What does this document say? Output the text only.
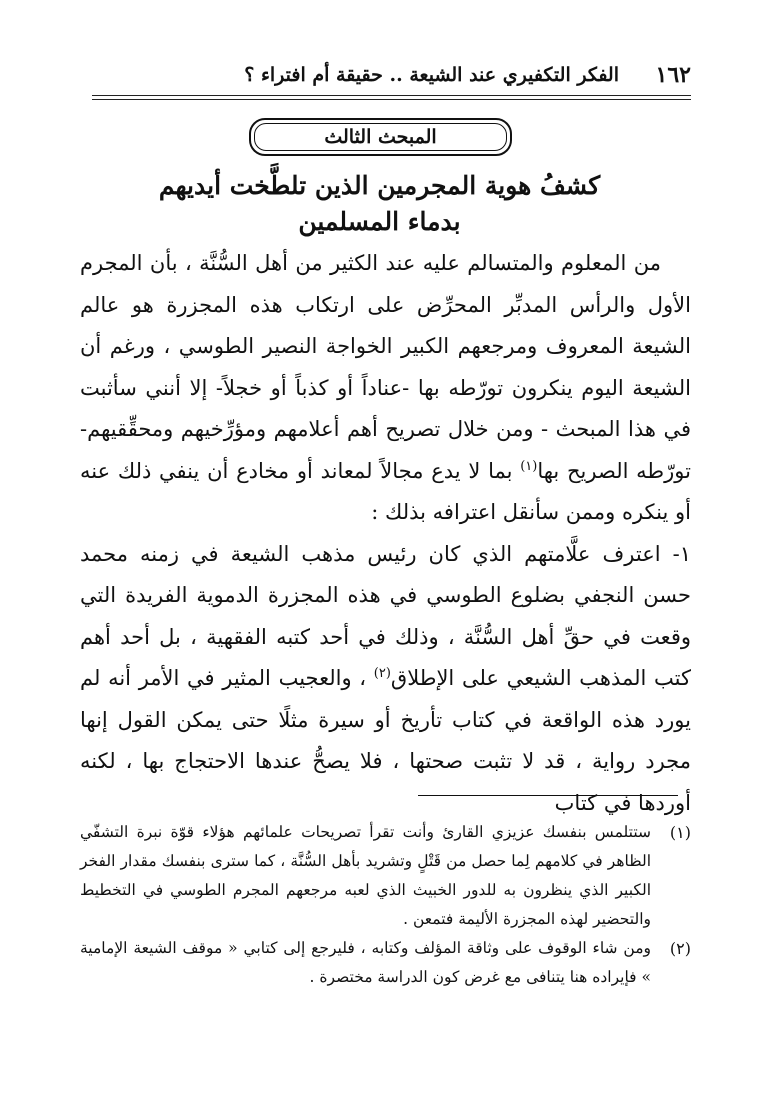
١٦٢
الفكر التكفيري عند الشيعة .. حقيقة أم افتراء ؟
المبحث الثالث
كشفُ هوية المجرمين الذين تلطَّخت أيديهم
بدماء المسلمين

من المعلوم والمتسالم عليه عند الكثير من أهل السُّنَّة ، بأن المجرم الأول والرأس المدبِّر المحرِّض على ارتكاب هذه المجزرة هو عالم الشيعة المعروف ومرجعهم الكبير الخواجة النصير الطوسي ، ورغم أن الشيعة اليوم ينكرون تورّطه بها -عناداً أو كذباً أو خجلاً- إلا أنني سأثبت في هذا المبحث - ومن خلال تصريح أهم أعلامهم ومؤرِّخيهم ومحقِّقيهم- تورّطه الصريح بها$^{(١)}$ بما لا يدع مجالاً لمعاند أو مخادع أن ينفي ذلك عنه أو ينكره وممن سأنقل اعترافه بذلك :

١- اعترف علَّامتهم الذي كان رئيس مذهب الشيعة في زمنه محمد حسن النجفي بضلوع الطوسي في هذه المجزرة الدموية الفريدة التي وقعت في حقِّ أهل السُّنَّة ، وذلك في أحد كتبه الفقهية ، بل أحد أهم كتب المذهب الشيعي على الإطلاق$^{(٢)}$ ، والعجيب المثير في الأمر أنه لم يورد هذه الواقعة في كتاب تأريخ أو سيرة مثلًا حتى يمكن القول إنها مجرد رواية ، قد لا تثبت صحتها ، فلا يصحُّ عندها الاحتجاج بها ، لكنه أوردها في كتاب

(١)
ستتلمس بنفسك عزيزي القارئ وأنت تقرأ تصريحات علمائهم هؤلاء قوّة نبرة التشفّي الظاهر في كلامهم لِما حصل من قَتْلٍ وتشريد بأهل السُّنَّة ، كما سترى بنفسك مقدار الفخر الكبير الذي ينظرون به للدور الخبيث الذي لعبه مرجعهم المجرم الطوسي في التخطيط والتحضير لهذه المجزرة الأليمة فتمعن .
(٢)
ومن شاء الوقوف على وثاقة المؤلف وكتابه ، فليرجع إلى كتابي « موقف الشيعة الإمامية » فإيراده هنا يتنافى مع غرض كون الدراسة مختصرة .
